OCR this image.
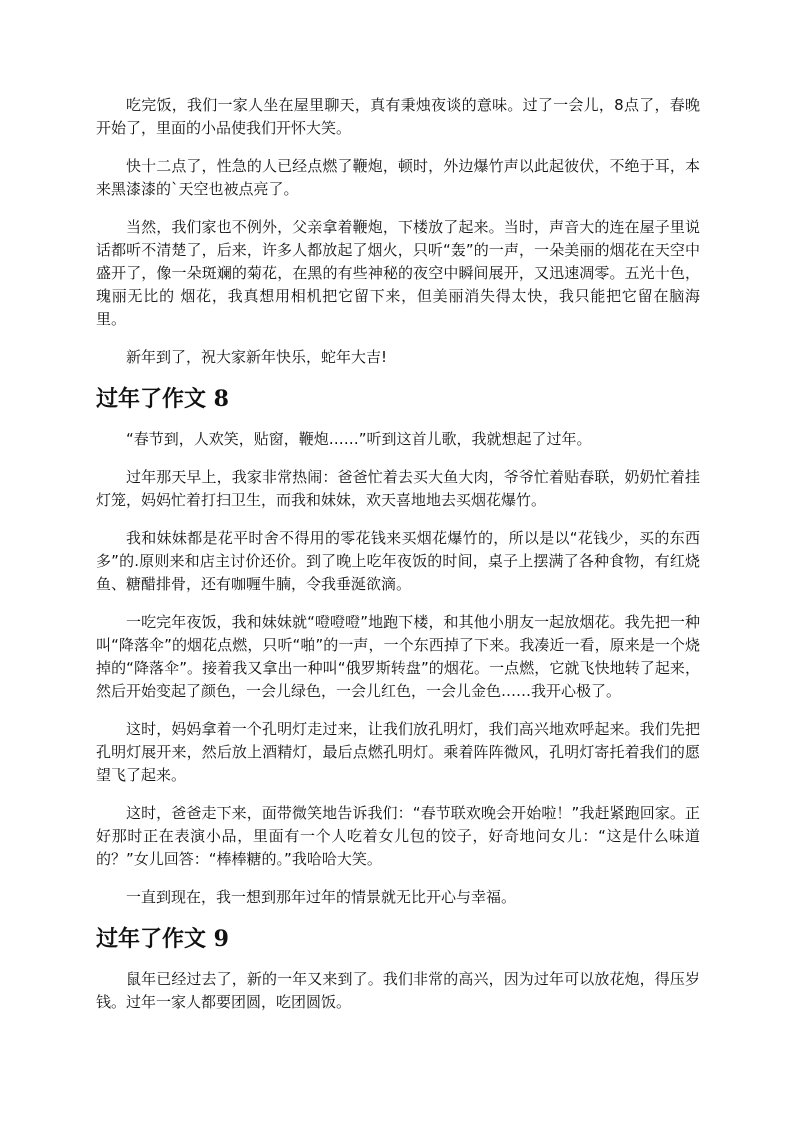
吃完饭，我们一家人坐在屋里聊天，真有秉烛夜谈的意味。过了一会儿，8点了，春晚开始了，里面的小品使我们开怀大笑。

快十二点了，性急的人已经点燃了鞭炮，顿时，外边爆竹声以此起彼伏，不绝于耳，本来黑漆漆的`天空也被点亮了。

当然，我们家也不例外，父亲拿着鞭炮，下楼放了起来。当时，声音大的连在屋子里说话都听不清楚了，后来，许多人都放起了烟火，只听“轰”的一声，一朵美丽的烟花在天空中盛开了，像一朵斑斓的菊花，在黑的有些神秘的夜空中瞬间展开，又迅速凋零。五光十色，瑰丽无比的 烟花，我真想用相机把它留下来，但美丽消失得太快，我只能把它留在脑海里。

新年到了，祝大家新年快乐，蛇年大吉!

过年了作文 8

“春节到，人欢笑，贴窗，鞭炮……”听到这首儿歌，我就想起了过年。

过年那天早上，我家非常热闹：爸爸忙着去买大鱼大肉，爷爷忙着贴春联，奶奶忙着挂灯笼，妈妈忙着打扫卫生，而我和妹妹，欢天喜地地去买烟花爆竹。

我和妹妹都是花平时舍不得用的零花钱来买烟花爆竹的，所以是以“花钱少，买的东西多”的.原则来和店主讨价还价。到了晚上吃年夜饭的时间，桌子上摆满了各种食物，有红烧鱼、糖醋排骨，还有咖喱牛腩，令我垂涎欲滴。

一吃完年夜饭，我和妹妹就“噔噔噔”地跑下楼，和其他小朋友一起放烟花。我先把一种叫“降落伞”的烟花点燃，只听“啪”的一声，一个东西掉了下来。我凑近一看，原来是一个烧掉的“降落伞”。接着我又拿出一种叫“俄罗斯转盘”的烟花。一点燃，它就飞快地转了起来，然后开始变起了颜色，一会儿绿色，一会儿红色，一会儿金色……我开心极了。

这时，妈妈拿着一个孔明灯走过来，让我们放孔明灯，我们高兴地欢呼起来。我们先把孔明灯展开来，然后放上酒精灯，最后点燃孔明灯。乘着阵阵微风，孔明灯寄托着我们的愿望飞了起来。

这时，爸爸走下来，面带微笑地告诉我们：“春节联欢晚会开始啦！”我赶紧跑回家。正好那时正在表演小品，里面有一个人吃着女儿包的饺子，好奇地问女儿：“这是什么味道的？”女儿回答：“棒棒糖的。”我哈哈大笑。

一直到现在，我一想到那年过年的情景就无比开心与幸福。

过年了作文 9

鼠年已经过去了，新的一年又来到了。我们非常的高兴，因为过年可以放花炮，得压岁钱。过年一家人都要团圆，吃团圆饭。
